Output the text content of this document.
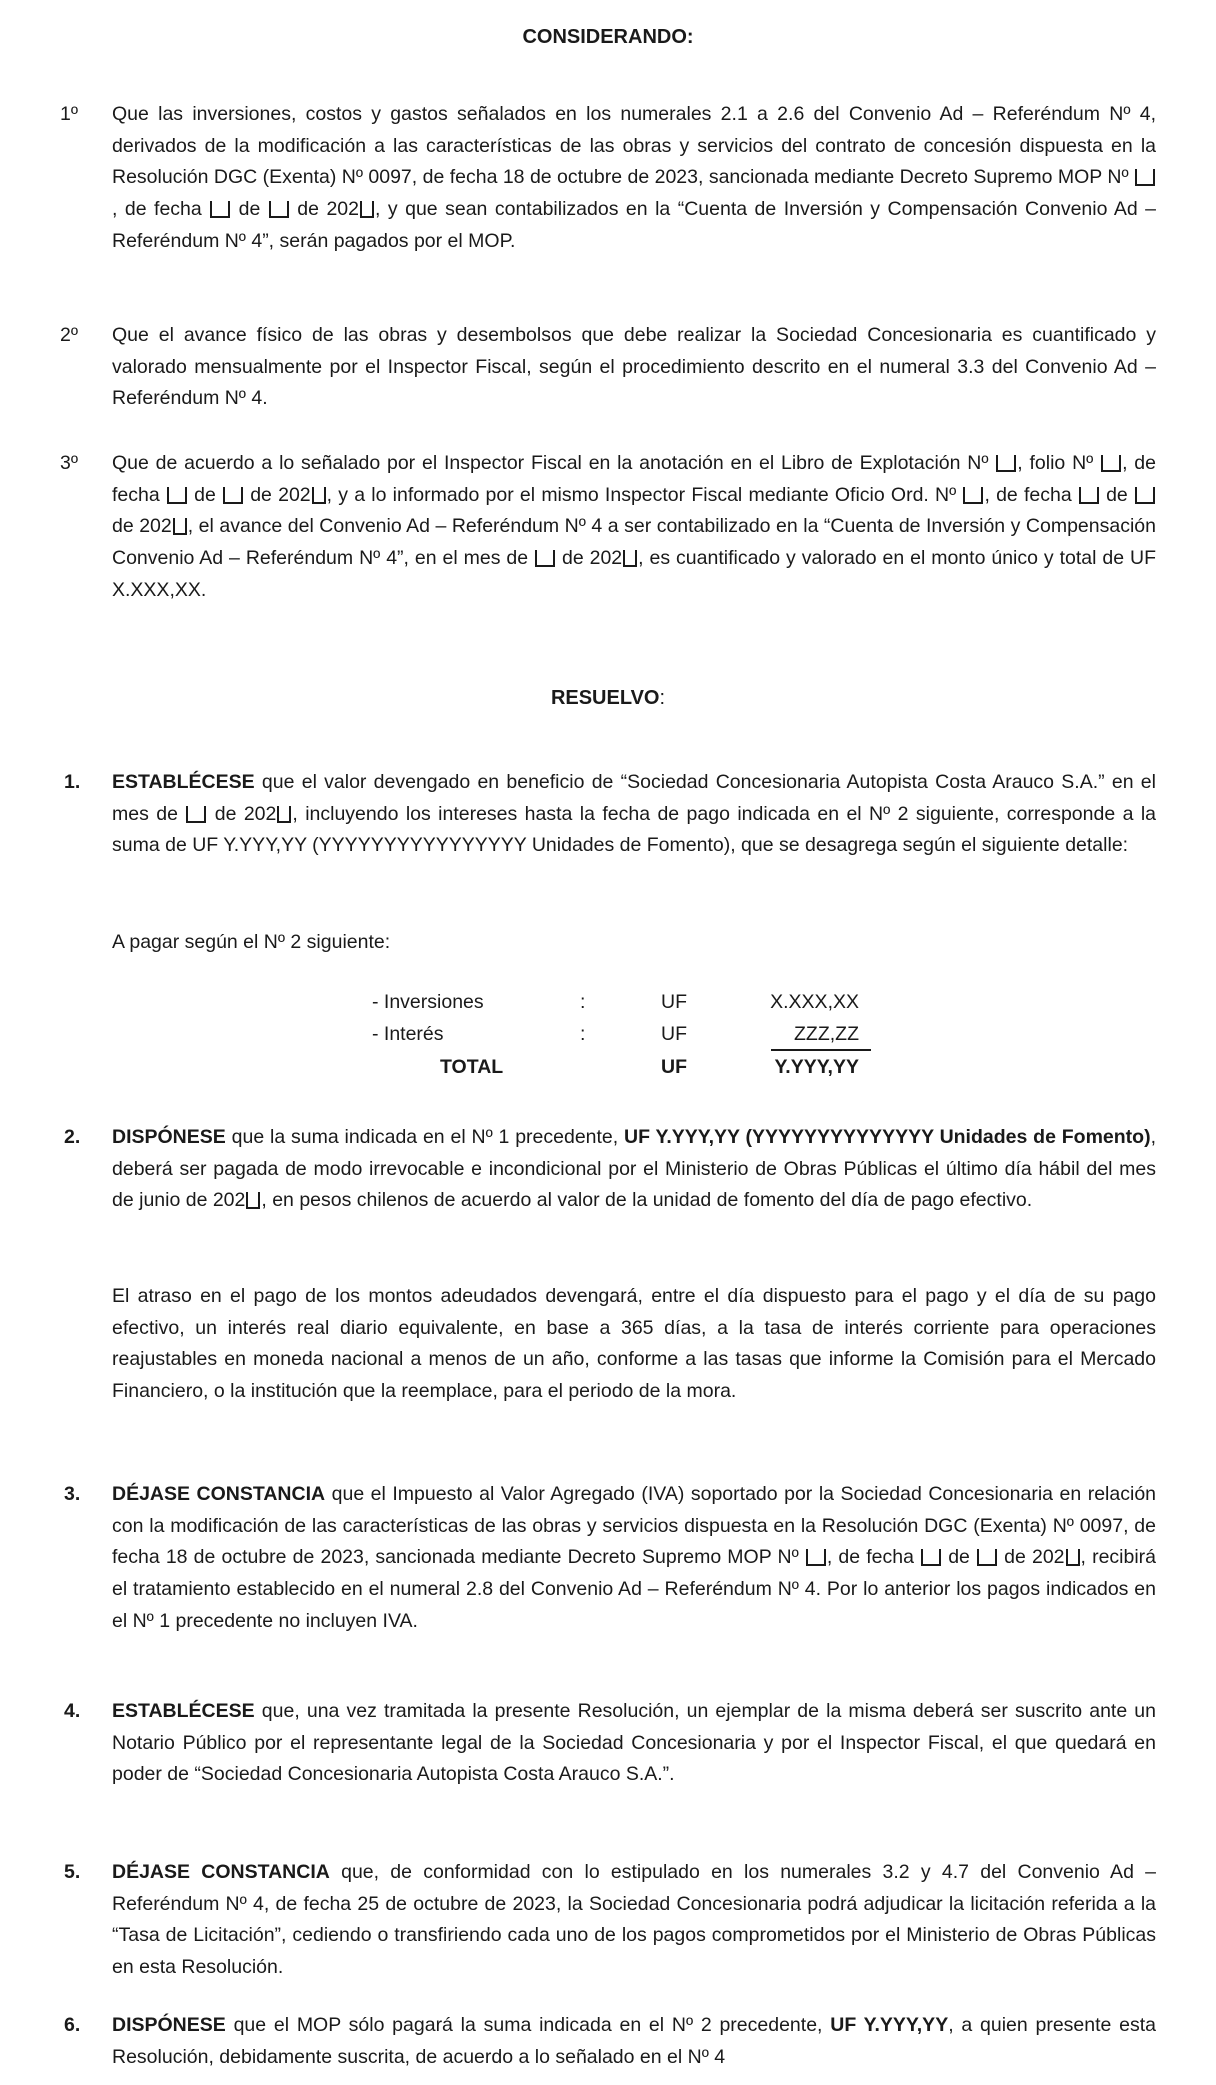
CONSIDERANDO:
1º Que las inversiones, costos y gastos señalados en los numerales 2.1 a 2.6 del Convenio Ad – Referéndum Nº 4, derivados de la modificación a las características de las obras y servicios del contrato de concesión dispuesta en la Resolución DGC (Exenta) Nº 0097, de fecha 18 de octubre de 2023, sancionada mediante Decreto Supremo MOP Nº , de fecha  de  de 202 , y que sean contabilizados en la “Cuenta de Inversión y Compensación Convenio Ad – Referéndum Nº 4”, serán pagados por el MOP.
2º Que el avance físico de las obras y desembolsos que debe realizar la Sociedad Concesionaria es cuantificado y valorado mensualmente por el Inspector Fiscal, según el procedimiento descrito en el numeral 3.3 del Convenio Ad – Referéndum Nº 4.
3º Que de acuerdo a lo señalado por el Inspector Fiscal en la anotación en el Libro de Explotación Nº , folio Nº , de fecha  de  de 202 , y a lo informado por el mismo Inspector Fiscal mediante Oficio Ord. Nº , de fecha  de  de 202 , el avance del Convenio Ad – Referéndum Nº 4 a ser contabilizado en la “Cuenta de Inversión y Compensación Convenio Ad – Referéndum Nº 4”, en el mes de  de 202 , es cuantificado y valorado en el monto único y total de UF X.XXX,XX.
RESUELVO:
1. ESTABLÉCESE que el valor devengado en beneficio de “Sociedad Concesionaria Autopista Costa Arauco S.A.” en el mes de  de 202 , incluyendo los intereses hasta la fecha de pago indicada en el Nº 2 siguiente, corresponde a la suma de UF Y.YYY,YY (YYYYYYYYYYYYYYYY Unidades de Fomento), que se desagrega según el siguiente detalle:
A pagar según el Nº 2 siguiente:
- Inversiones	:	UF	X.XXX,XX
- Interés	:	UF	ZZZ,ZZ
TOTAL	UF	Y.YYY,YY
2. DISPÓNESE que la suma indicada en el Nº 1 precedente, UF Y.YYY,YY (YYYYYYYYYYYYYY Unidades de Fomento), deberá ser pagada de modo irrevocable e incondicional por el Ministerio de Obras Públicas el último día hábil del mes de junio de 202 , en pesos chilenos de acuerdo al valor de la unidad de fomento del día de pago efectivo.
El atraso en el pago de los montos adeudados devengará, entre el día dispuesto para el pago y el día de su pago efectivo, un interés real diario equivalente, en base a 365 días, a la tasa de interés corriente para operaciones reajustables en moneda nacional a menos de un año, conforme a las tasas que informe la Comisión para el Mercado Financiero, o la institución que la reemplace, para el periodo de la mora.
3. DÉJASE CONSTANCIA que el Impuesto al Valor Agregado (IVA) soportado por la Sociedad Concesionaria en relación con la modificación de las características de las obras y servicios dispuesta en la Resolución DGC (Exenta) Nº 0097, de fecha 18 de octubre de 2023, sancionada mediante Decreto Supremo MOP Nº , de fecha  de  de 202 , recibirá el tratamiento establecido en el numeral 2.8 del Convenio Ad – Referéndum Nº 4. Por lo anterior los pagos indicados en el Nº 1 precedente no incluyen IVA.
4. ESTABLÉCESE que, una vez tramitada la presente Resolución, un ejemplar de la misma deberá ser suscrito ante un Notario Público por el representante legal de la Sociedad Concesionaria y por el Inspector Fiscal, el que quedará en poder de “Sociedad Concesionaria Autopista Costa Arauco S.A.”.
5. DÉJASE CONSTANCIA que, de conformidad con lo estipulado en los numerales 3.2 y 4.7 del Convenio Ad – Referéndum Nº 4, de fecha 25 de octubre de 2023, la Sociedad Concesionaria podrá adjudicar la licitación referida a la “Tasa de Licitación”, cediendo o transfiriendo cada uno de los pagos comprometidos por el Ministerio de Obras Públicas en esta Resolución.
6. DISPÓNESE que el MOP sólo pagará la suma indicada en el Nº 2 precedente, UF Y.YYY,YY, a quien presente esta Resolución, debidamente suscrita, de acuerdo a lo señalado en el Nº 4
